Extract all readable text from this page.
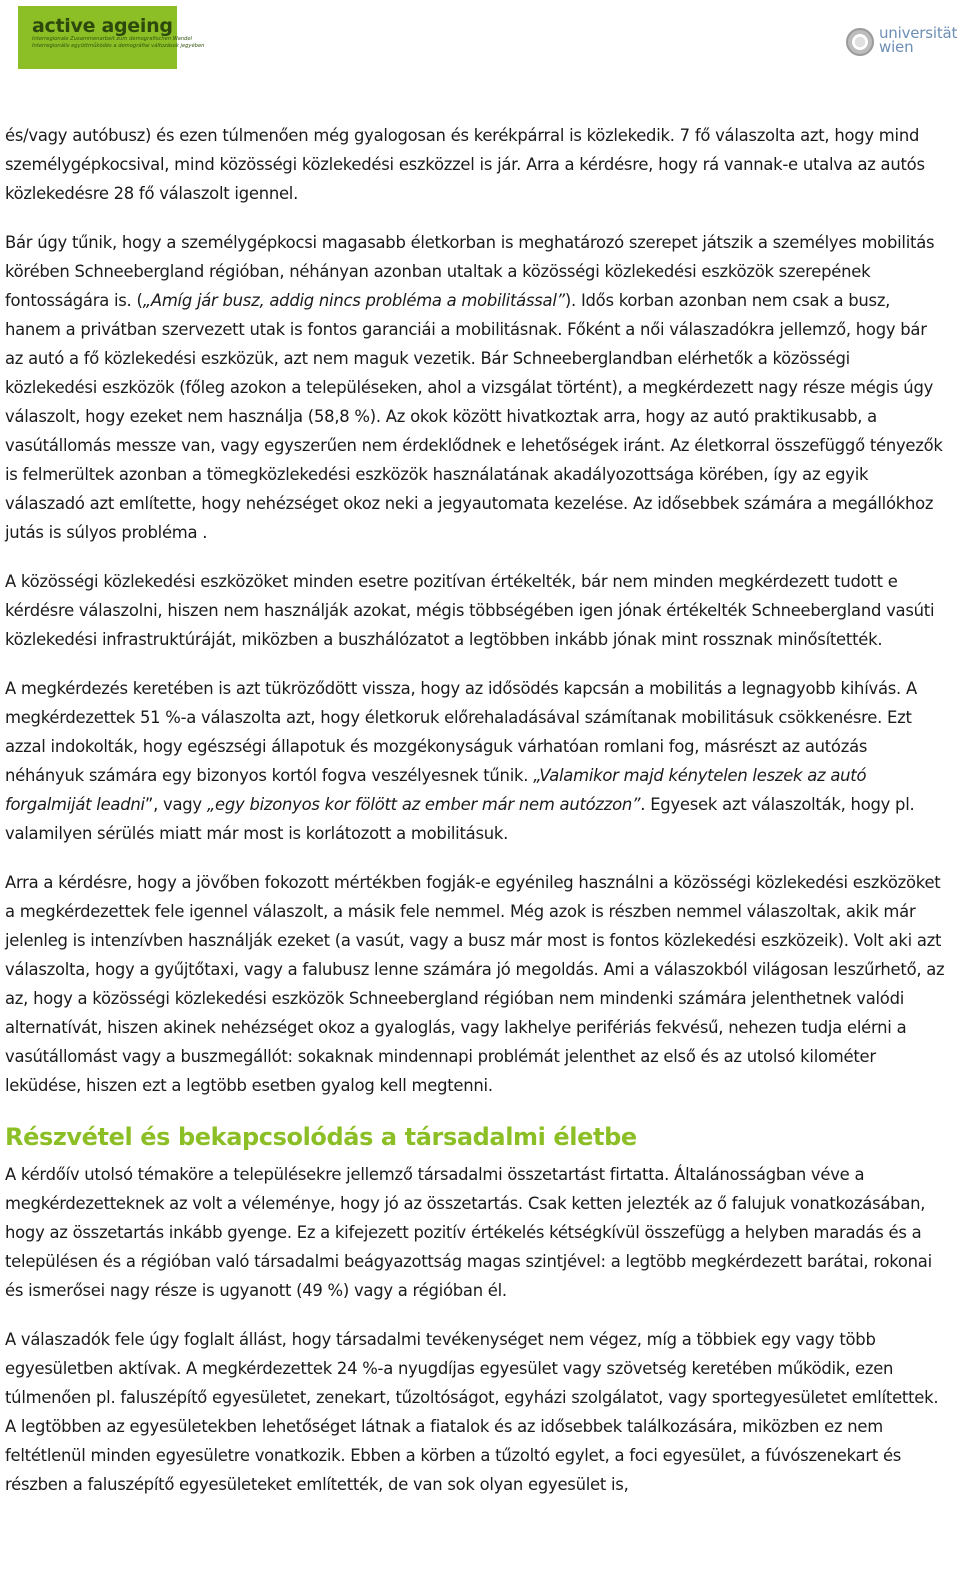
active ageing
Interregionale Zusammenarbeit zum demografischen Wandel
Interregionális együttműködés a demográfiai változások jegyében
universität
wien

és/vagy autóbusz) és ezen túlmenően még gyalogosan és kerékpárral is közlekedik. 7 fő válaszolta azt, hogy mind személygépkocsival, mind közösségi közlekedési eszközzel is jár. Arra a kérdésre, hogy rá vannak-e utalva az autós közlekedésre 28 fő válaszolt igennel.

Bár úgy tűnik, hogy a személygépkocsi magasabb életkorban is meghatározó szerepet játszik a személyes mobilitás körében Schneebergland régióban, néhányan azonban utaltak a közösségi közlekedési eszközök szerepének fontosságára is. („Amíg jár busz, addig nincs probléma a mobilitással”). Idős korban azonban nem csak a busz, hanem a privátban szervezett utak is fontos garanciái a mobilitásnak. Főként a női válaszadókra jellemző, hogy bár az autó a fő közlekedési eszközük, azt nem maguk vezetik. Bár Schneeberglandban elérhetők a közösségi közlekedési eszközök (főleg azokon a településeken, ahol a vizsgálat történt), a megkérdezett nagy része mégis úgy válaszolt, hogy ezeket nem használja (58,8 %). Az okok között hivatkoztak arra, hogy az autó praktikusabb, a vasútállomás messze van, vagy egyszerűen nem érdeklődnek e lehetőségek iránt. Az életkorral összefüggő tényezők is felmerültek azonban a tömegközlekedési eszközök használatának akadályozottsága körében, így az egyik válaszadó azt említette, hogy nehézséget okoz neki a jegyautomata kezelése. Az idősebbek számára a megállókhoz jutás is súlyos probléma .

A közösségi közlekedési eszközöket minden esetre pozitívan értékelték, bár nem minden megkérdezett tudott e kérdésre válaszolni, hiszen nem használják azokat, mégis többségében igen jónak értékelték Schneebergland vasúti közlekedési infrastruktúráját, miközben a buszhálózatot a legtöbben inkább jónak mint rossznak minősítették.

A megkérdezés keretében is azt tükröződött vissza, hogy az idősödés kapcsán a mobilitás a legnagyobb kihívás. A megkérdezettek 51 %-a válaszolta azt, hogy életkoruk előrehaladásával számítanak mobilitásuk csökkenésre. Ezt azzal indokolták, hogy egészségi állapotuk és mozgékonyságuk várhatóan romlani fog, másrészt az autózás néhányuk számára egy bizonyos kortól fogva veszélyesnek tűnik. „Valamikor majd kénytelen leszek az autó forgalmiját leadni”, vagy „egy bizonyos kor fölött az ember már nem autózzon”. Egyesek azt válaszolták, hogy pl. valamilyen sérülés miatt már most is korlátozott a mobilitásuk.

Arra a kérdésre, hogy a jövőben fokozott mértékben fogják-e egyénileg használni a közösségi közlekedési eszközöket a megkérdezettek fele igennel válaszolt, a másik fele nemmel. Még azok is részben nemmel válaszoltak, akik már jelenleg is intenzívben használják ezeket (a vasút, vagy a busz már most is fontos közlekedési eszközeik). Volt aki azt válaszolta, hogy a gyűjtőtaxi, vagy a falubusz lenne számára jó megoldás. Ami a válaszokból világosan leszűrhető, az az, hogy a közösségi közlekedési eszközök Schneebergland régióban nem mindenki számára jelenthetnek valódi alternatívát, hiszen akinek nehézséget okoz a gyaloglás, vagy lakhelye perifériás fekvésű, nehezen tudja elérni a vasútállomást vagy a buszmegállót: sokaknak mindennapi problémát jelenthet az első és az utolsó kilométer leküdése, hiszen ezt a legtöbb esetben gyalog kell megtenni.

Részvétel és bekapcsolódás a társadalmi életbe

A kérdőív utolsó témaköre a településekre jellemző társadalmi összetartást firtatta. Általánosságban véve a megkérdezetteknek az volt a véleménye, hogy jó az összetartás. Csak ketten jelezték az ő falujuk vonatkozásában, hogy az összetartás inkább gyenge. Ez a kifejezett pozitív értékelés kétségkívül összefügg a helyben maradás és a településen és a régióban való társadalmi beágyazottság magas szintjével: a legtöbb megkérdezett barátai, rokonai és ismerősei nagy része is ugyanott (49 %) vagy a régióban él.

A válaszadók fele úgy foglalt állást, hogy társadalmi tevékenységet nem végez, míg a többiek egy vagy több egyesületben aktívak. A megkérdezettek 24 %-a nyugdíjas egyesület vagy szövetség keretében működik, ezen túlmenően pl. faluszépítő egyesületet, zenekart, tűzoltóságot, egyházi szolgálatot, vagy sportegyesületet említettek. A legtöbben az egyesületekben lehetőséget látnak a fiatalok és az idősebbek találkozására, miközben ez nem feltétlenül minden egyesületre vonatkozik. Ebben a körben a tűzoltó egylet, a foci egyesület, a fúvószenekart és részben a faluszépítő egyesületeket említették, de van sok olyan egyesület is,
